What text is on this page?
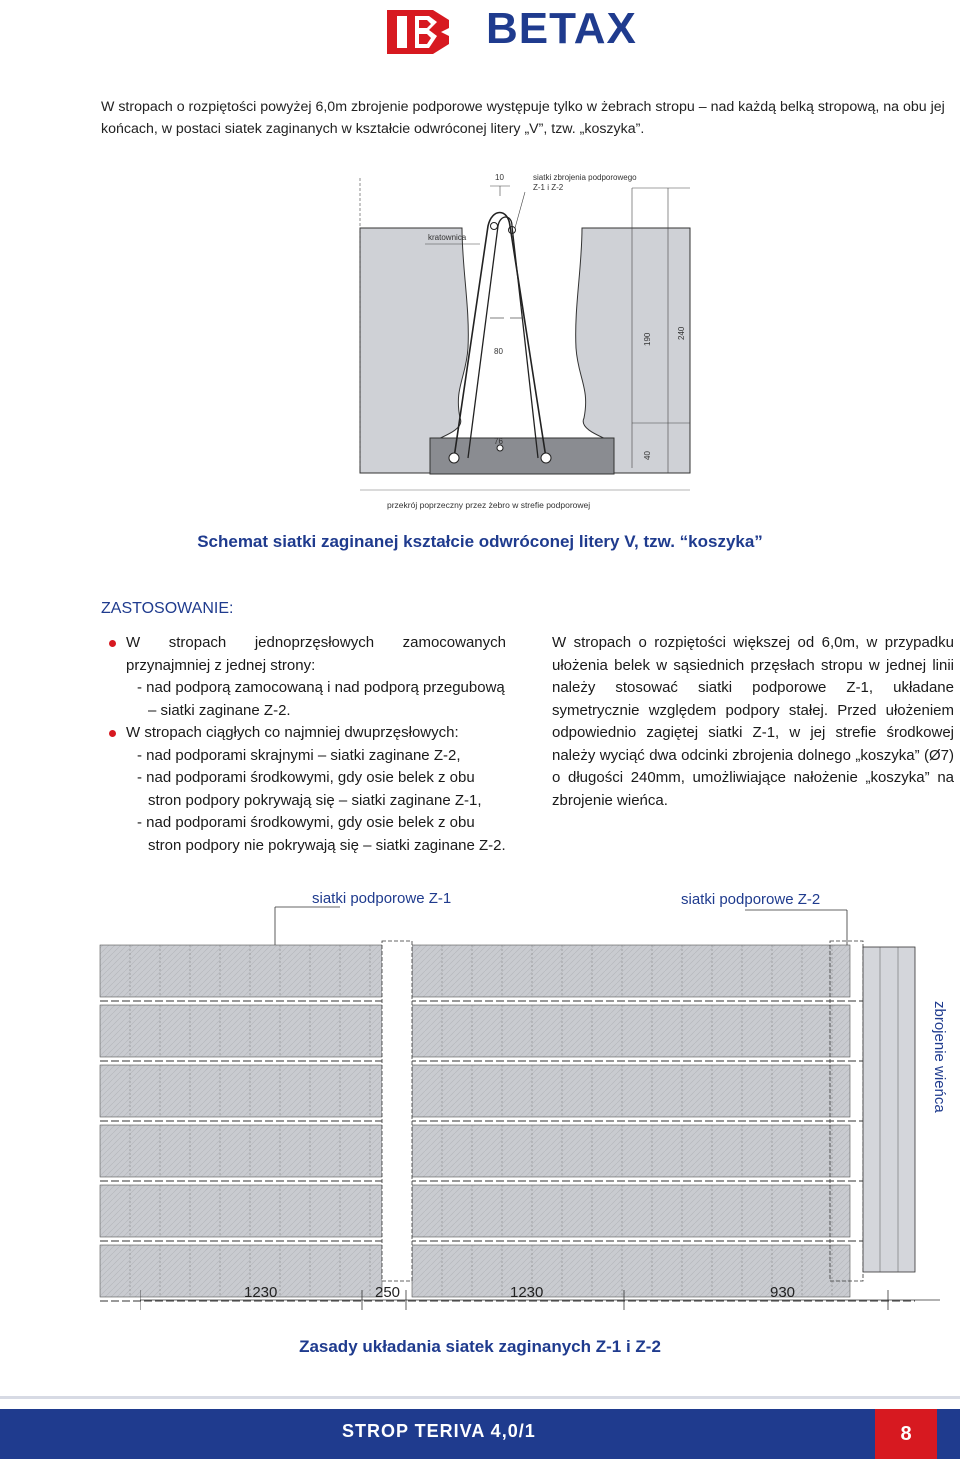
BETAX
W stropach o rozpiętości powyżej 6,0m zbrojenie podporowe występuje tylko w żebrach stropu – nad każdą belką stropową, na obu jej końcach, w postaci siatek zaginanych w kształcie odwróconej litery „V”, tzw. „koszyka”.
10	siatki zbrojenia podporowego
Z-1 i Z-2
kratownica
80
190	240
76
40
przekrój poprzeczny przez żebro w strefie podporowej
Schemat siatki zaginanej kształcie odwróconej litery V, tzw. “koszyka”
ZASTOSOWANIE:
W stropach jednoprzęsłowych zamocowanych przynajmniej z jednej strony:
- nad podporą zamocowaną i nad podporą przegubową – siatki zaginane Z-2.
W stropach ciągłych co najmniej dwuprzęsłowych:
- nad podporami skrajnymi – siatki zaginane Z-2,
- nad podporami środkowymi, gdy osie belek z obu stron podpory pokrywają się – siatki zaginane Z-1,
- nad podporami środkowymi, gdy osie belek z obu stron podpory nie pokrywają się – siatki zaginane Z-2.
W stropach o rozpiętości większej od 6,0m, w przypadku ułożenia belek w sąsiednich przęsłach stropu w jednej linii należy stosować siatki podporowe Z-1, układane symetrycznie względem podpory stałej. Przed ułożeniem odpowiednio zagiętej siatki Z-1, w jej strefie środkowej należy wyciąć dwa odcinki zbrojenia dolnego „koszyka” (Ø7) o długości 240mm, umożliwiające nałożenie „koszyka” na zbrojenie wieńca.
siatki podporowe Z-1	siatki podporowe Z-2
zbrojenie wieńca
1230	250	1230	930
Zasady układania siatek zaginanych Z-1 i Z-2
STROP TERIVA 4,0/1	8
